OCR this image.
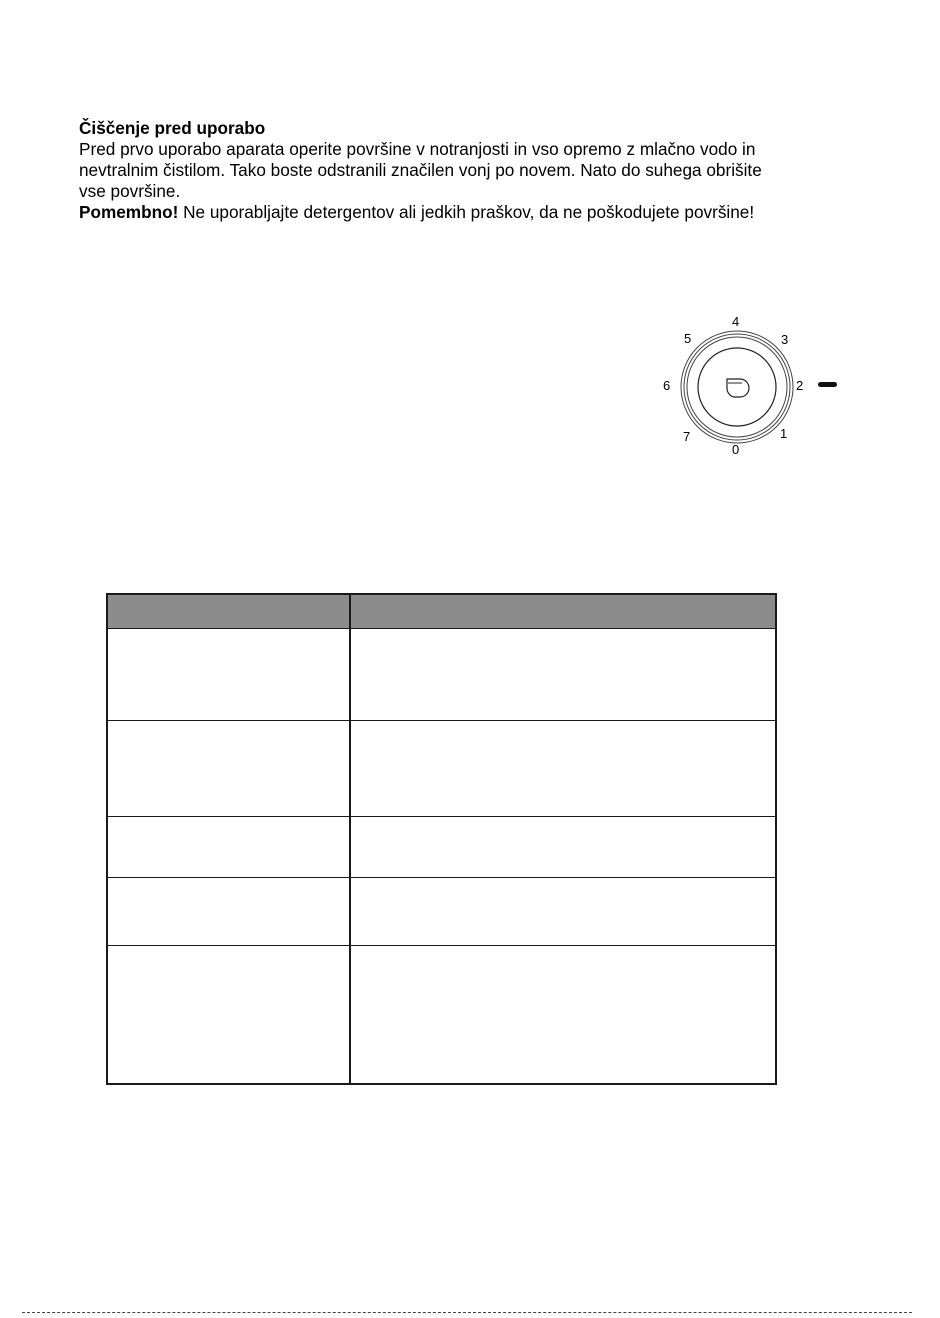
Čiščenje pred uporabo

Pred prvo uporabo aparata operite površine v notranjosti in vso opremo z mlačno vodo in

nevtralnim čistilom. Tako boste odstranili značilen vonj po novem. Nato do suhega obrišite

vse površine.

Pomembno! Ne uporabljajte detergentov ali jedkih praškov, da ne poškodujete površine!

4
5	3
6	2
7	1
0
